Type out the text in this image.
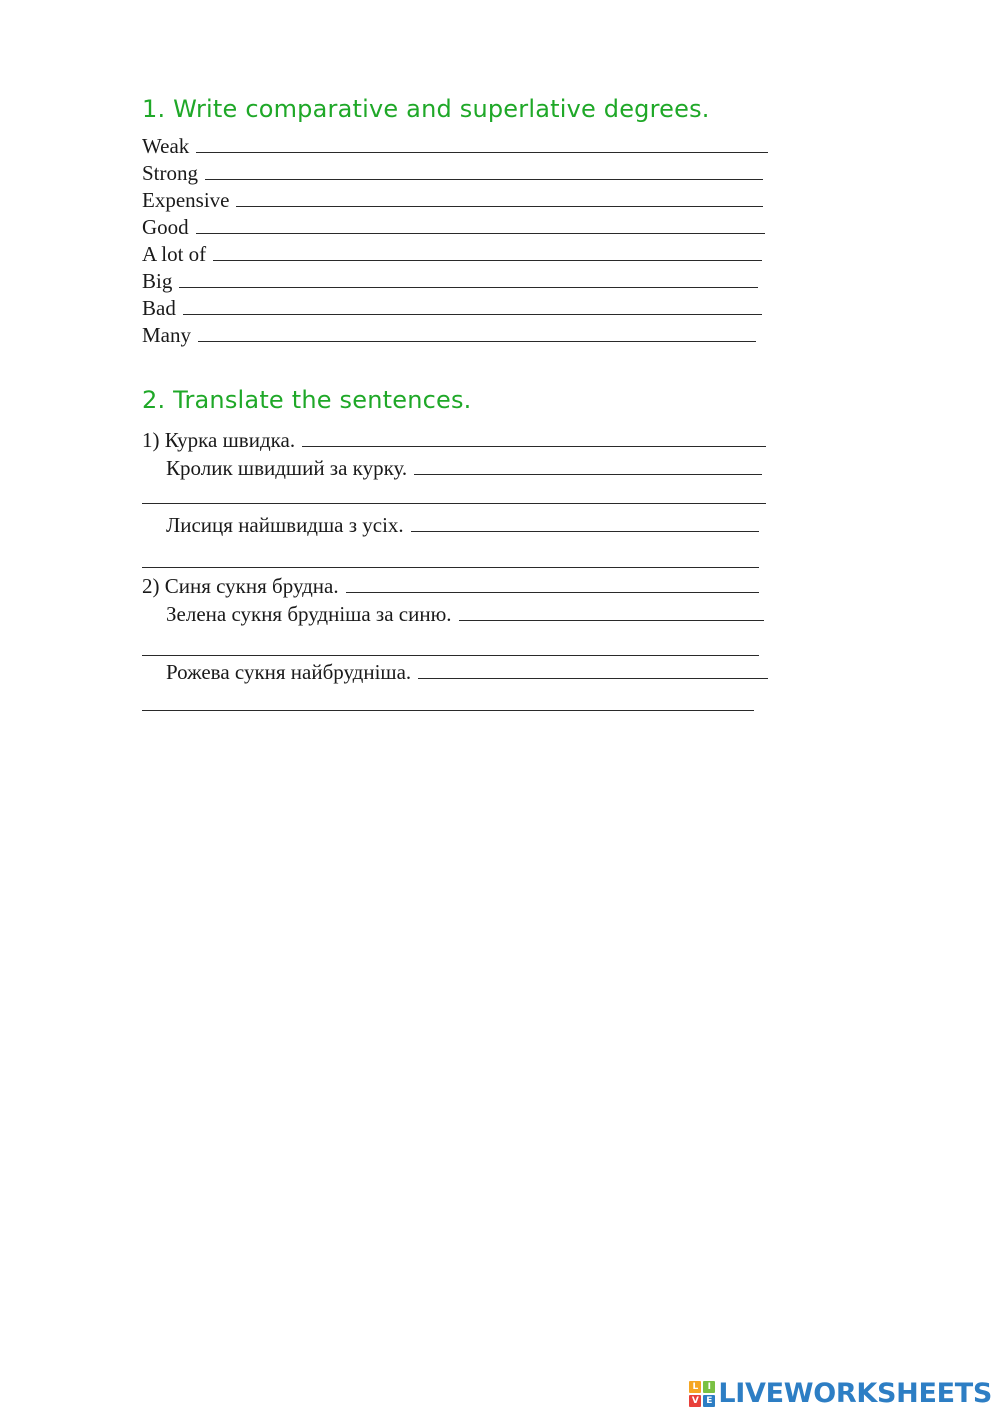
1. Write comparative and superlative degrees.
Weak
Strong
Expensive
Good
A lot of
Big
Bad
Many
2. Translate the sentences.
1) Курка швидка.
Кролик швидший за курку.
Лисиця найшвидша з усіх.
2) Синя сукня брудна.
Зелена сукня брудніша за синю.
Рожева сукня найбрудніша.
L	I
V E LIVEWORKSHEETS
